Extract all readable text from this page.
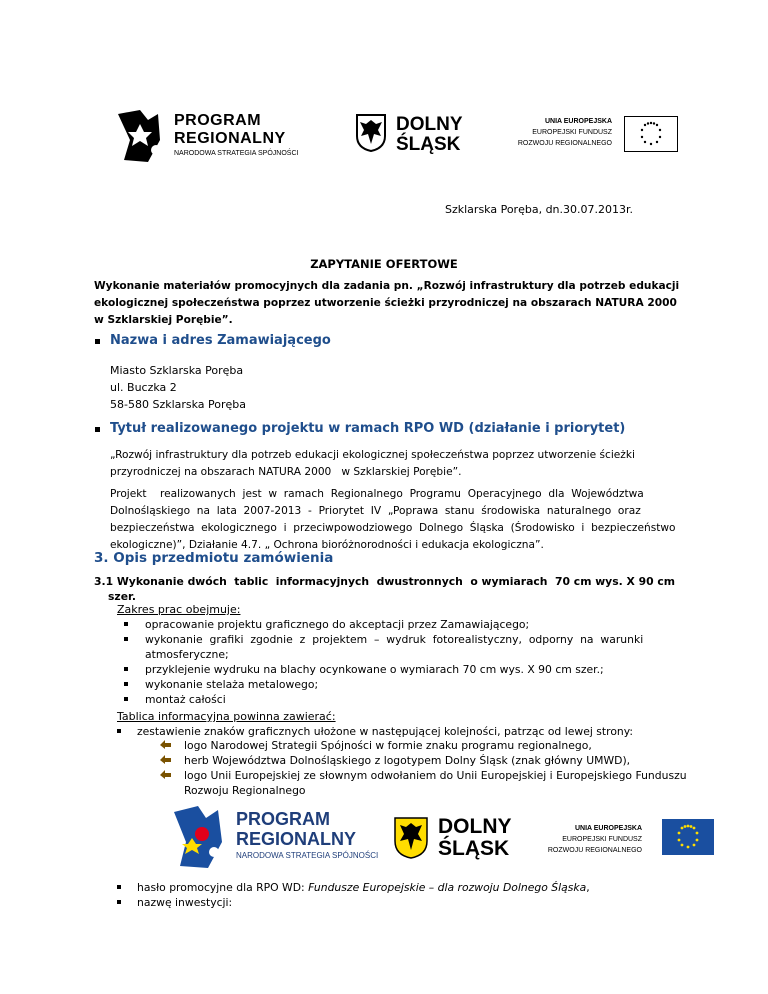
PROGRAM
REGIONALNY
NARODOWA STRATEGIA SPÓJNOŚCI
DOLNY
ŚLĄSK
UNIA EUROPEJSKA
EUROPEJSKI FUNDUSZ
ROZWOJU REGIONALNEGO
Szklarska Poręba, dn.30.07.2013r.
ZAPYTANIE OFERTOWE
Wykonanie materiałów promocyjnych dla zadania pn. „Rozwój infrastruktury dla potrzeb edukacji
ekologicznej społeczeństwa poprzez utworzenie ścieżki przyrodniczej na obszarach NATURA 2000
w Szklarskiej Porębie”.
Nazwa i adres Zamawiającego
Miasto Szklarska Poręba
ul. Buczka 2
58-580 Szklarska Poręba
Tytuł realizowanego projektu w ramach RPO WD (działanie i priorytet)
„Rozwój infrastruktury dla potrzeb edukacji ekologicznej społeczeństwa poprzez utworzenie ścieżki
przyrodniczej na obszarach NATURA 2000   w Szklarskiej Porębie”.
Projekt    realizowanych  jest  w  ramach  Regionalnego  Programu  Operacyjnego  dla  Województwa
Dolnośląskiego  na  lata  2007-2013  -  Priorytet  IV  „Poprawa  stanu  środowiska  naturalnego  oraz
bezpieczeństwa  ekologicznego  i  przeciwpowodziowego  Dolnego  Śląska  (Środowisko  i  bezpieczeństwo
ekologiczne)”, Działanie 4.7. „ Ochrona bioróżnorodności i edukacja ekologiczna”.
3. Opis przedmiotu zamówienia
3.1 Wykonanie dwóch  tablic  informacyjnych  dwustronnych  o wymiarach  70 cm wys. X 90 cm
szer.
Zakres prac obejmuje:
opracowanie projektu graficznego do akceptacji przez Zamawiającego;
wykonanie  grafiki  zgodnie  z  projektem  –  wydruk  fotorealistyczny,  odporny  na  warunki
atmosferyczne;
przyklejenie wydruku na blachy ocynkowane o wymiarach 70 cm wys. X 90 cm szer.;
wykonanie stelaża metalowego;
montaż całości
Tablica informacyjna powinna zawierać:
zestawienie znaków graficznych ułożone w następującej kolejności, patrząc od lewej strony:
logo Narodowej Strategii Spójności w formie znaku programu regionalnego,
herb Województwa Dolnośląskiego z logotypem Dolny Śląsk (znak główny UMWD),
logo Unii Europejskiej ze słownym odwołaniem do Unii Europejskiej i Europejskiego Funduszu
Rozwoju Regionalnego
PROGRAM
REGIONALNY
NARODOWA STRATEGIA SPÓJNOŚCI
DOLNY
ŚLĄSK
UNIA EUROPEJSKA
EUROPEJSKI FUNDUSZ
ROZWOJU REGIONALNEGO
hasło promocyjne dla RPO WD: Fundusze Europejskie – dla rozwoju Dolnego Śląska,
nazwę inwestycji:
